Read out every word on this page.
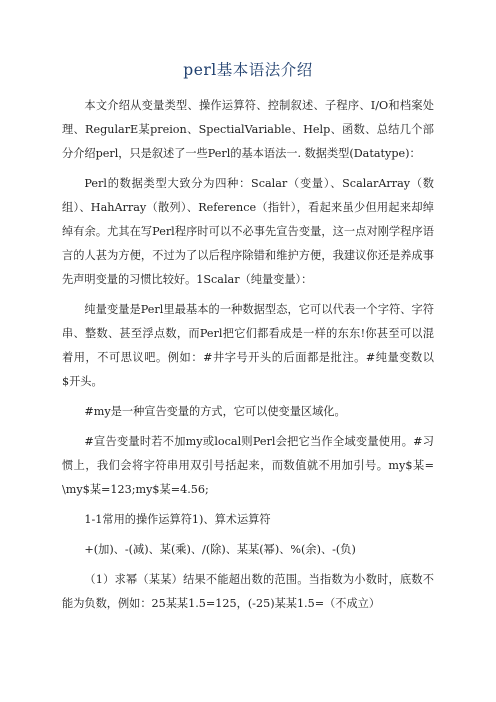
perl基本语法介绍

本文介绍从变量类型、操作运算符、控制叙述、子程序、I/O和档案处理、RegularE某preion、SpectialVariable、Help、函数、总结几个部分介绍perl，只是叙述了一些Perl的基本语法一. 数据类型(Datatype)：

Perl的数据类型大致分为四种：Scalar（变量）、ScalarArray（数组）、HahArray（散列）、Reference（指针），看起来虽少但用起来却绰绰有余。尤其在写Perl程序时可以不必事先宣告变量，这一点对刚学程序语言的人甚为方便，不过为了以后程序除错和维护方便，我建议你还是养成事先声明变量的习惯比较好。1Scalar（纯量变量）：

纯量变量是Perl里最基本的一种数据型态，它可以代表一个字符、字符串、整数、甚至浮点数，而Perl把它们都看成是一样的东东!你甚至可以混着用，不可思议吧。例如：#井字号开头的后面都是批注。#纯量变数以$开头。

#my是一种宣告变量的方式，它可以使变量区域化。

#宣告变量时若不加my或local则Perl会把它当作全域变量使用。#习惯上，我们会将字符串用双引号括起来，而数值就不用加引号。my$某=\my$某=123;my$某=4.56;

1-1常用的操作运算符1)、算术运算符

+(加)、-(减)、某(乘)、/(除)、某某(幂)、%(余)、-(负)

（1）求幂（某某）结果不能超出数的范围。当指数为小数时，底数不能为负数，例如：25某某1.5=125，(-25)某某1.5=（不成立）
